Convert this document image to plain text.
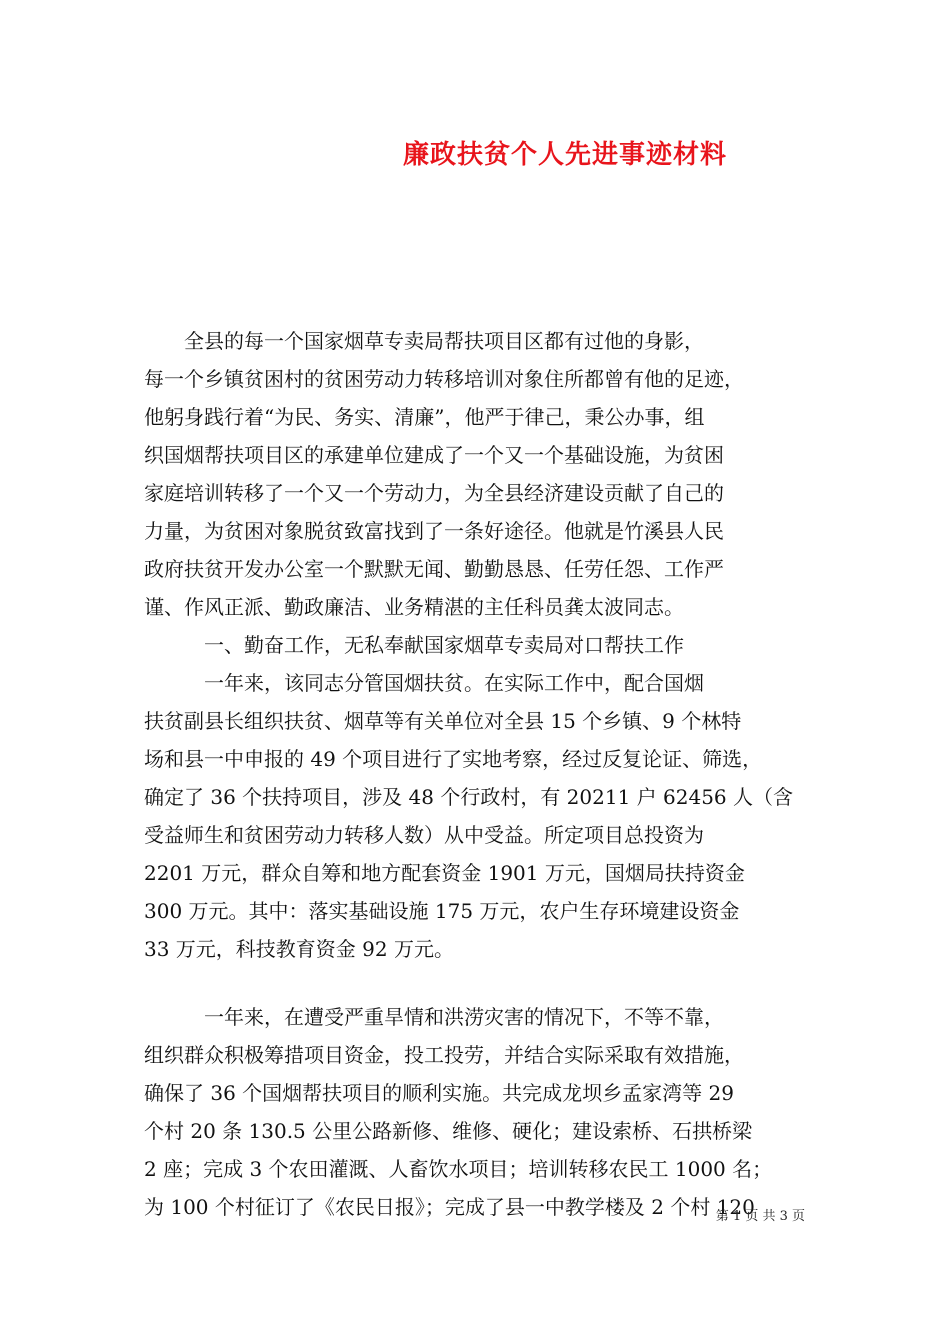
廉政扶贫个人先进事迹材料
　　全县的每一个国家烟草专卖局帮扶项目区都有过他的身影，
每一个乡镇贫困村的贫困劳动力转移培训对象住所都曾有他的足迹，
他躬身践行着“为民、务实、清廉”，他严于律己，秉公办事，组
织国烟帮扶项目区的承建单位建成了一个又一个基础设施，为贫困
家庭培训转移了一个又一个劳动力，为全县经济建设贡献了自己的
力量，为贫困对象脱贫致富找到了一条好途径。他就是竹溪县人民
政府扶贫开发办公室一个默默无闻、勤勤恳恳、任劳任怨、工作严
谨、作风正派、勤政廉洁、业务精湛的主任科员龚太波同志。
　　　一、勤奋工作，无私奉献国家烟草专卖局对口帮扶工作
　　　一年来，该同志分管国烟扶贫。在实际工作中，配合国烟
扶贫副县长组织扶贫、烟草等有关单位对全县 15 个乡镇、9 个林特
场和县一中申报的 49 个项目进行了实地考察，经过反复论证、筛选，
确定了 36 个扶持项目，涉及 48 个行政村，有 20211 户 62456 人（含
受益师生和贫困劳动力转移人数）从中受益。所定项目总投资为
2201 万元，群众自筹和地方配套资金 1901 万元，国烟局扶持资金
300 万元。其中：落实基础设施 175 万元，农户生存环境建设资金
33 万元，科技教育资金 92 万元。
　　　一年来，在遭受严重旱情和洪涝灾害的情况下，不等不靠，
组织群众积极筹措项目资金，投工投劳，并结合实际采取有效措施，
确保了 36 个国烟帮扶项目的顺利实施。共完成龙坝乡孟家湾等 29
个村 20 条 130.5 公里公路新修、维修、硬化；建设索桥、石拱桥梁
2 座；完成 3 个农田灌溉、人畜饮水项目；培训转移农民工 1000 名；
为 100 个村征订了《农民日报》；完成了县一中教学楼及 2 个村 120
第 1 页 共 3 页
